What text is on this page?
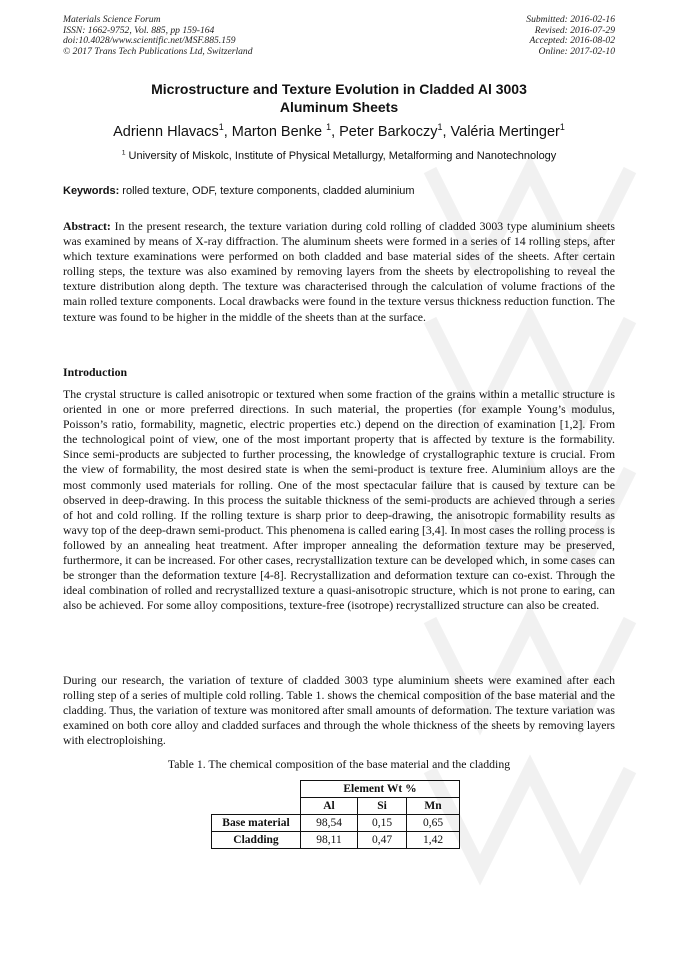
Materials Science Forum
ISSN: 1662-9752, Vol. 885, pp 159-164
doi:10.4028/www.scientific.net/MSF.885.159
© 2017 Trans Tech Publications Ltd, Switzerland
Submitted: 2016-02-16
Revised: 2016-07-29
Accepted: 2016-08-02
Online: 2017-02-10
Microstructure and Texture Evolution in Cladded Al 3003
Aluminum Sheets
Adrienn Hlavacs$^1$, Marton Benke $^1$, Peter Barkoczy$^1$, Valéria Mertinger$^1$
$^1$ University of Miskolc, Institute of Physical Metallurgy, Metalforming and Nanotechnology
Keywords: rolled texture, ODF, texture components, cladded aluminium
Abstract: In the present research, the texture variation during cold rolling of cladded 3003 type aluminium sheets was examined by means of X-ray diffraction. The aluminum sheets were formed in a series of 14 rolling steps, after which texture examinations were performed on both cladded and base material sides of the sheets. After certain rolling steps, the texture was also examined by removing layers from the sheets by electropolishing to reveal the texture distribution along depth. The texture was characterised through the calculation of volume fractions of the main rolled texture components. Local drawbacks were found in the texture versus thickness reduction function. The texture was found to be higher in the middle of the sheets than at the surface.
Introduction
The crystal structure is called anisotropic or textured when some fraction of the grains within a metallic structure is oriented in one or more preferred directions. In such material, the properties (for example Young’s modulus, Poisson’s ratio, formability, magnetic, electric properties etc.) depend on the direction of examination [1,2]. From the technological point of view, one of the most important property that is affected by texture is the formability. Since semi-products are subjected to further processing, the knowledge of crystallographic texture is crucial. From the view of formability, the most desired state is when the semi-product is texture free. Aluminium alloys are the most commonly used materials for rolling. One of the most spectacular failure that is caused by texture can be observed in deep-drawing. In this process the suitable thickness of the semi-products are achieved through a series of hot and cold rolling. If the rolling texture is sharp prior to deep-drawing, the anisotropic formability results as wavy top of the deep-drawn semi-product. This phenomena is called earing [3,4]. In most cases the rolling process is followed by an annealing heat treatment. After improper annealing the deformation texture may be preserved, furthermore, it can be increased. For other cases, recrystallization texture can be developed which, in some cases can be stronger than the deformation texture [4-8]. Recrystallization and deformation texture can co-exist. Through the ideal combination of rolled and recrystallized texture a quasi-anisotropic structure, which is not prone to earing, can also be achieved. For some alloy compositions, texture-free (isotrope) recrystallized structure can also be created.
During our research, the variation of texture of cladded 3003 type aluminium sheets were examined after each rolling step of a series of multiple cold rolling. Table 1. shows the chemical composition of the base material and the cladding. Thus, the variation of texture was monitored after small amounts of deformation. The texture variation was examined on both core alloy and cladded surfaces and through the whole thickness of the sheets by removing layers with electroploishing.
Table 1. The chemical composition of the base material and the cladding
	Element Wt %		
	Al	Si	Mn
Base material	98,54	0,15	0,65
Cladding	98,11	0,47	1,42
